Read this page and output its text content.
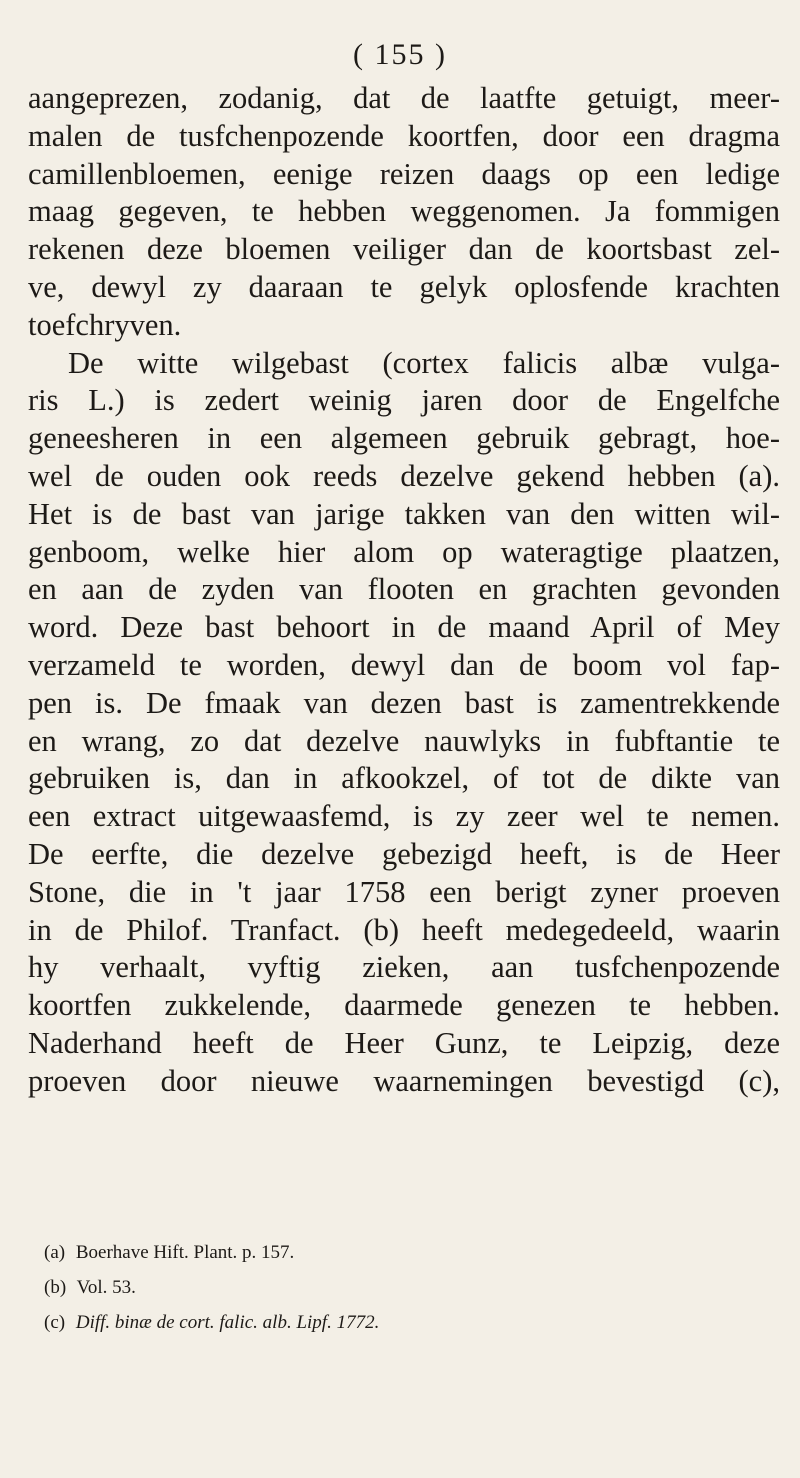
( 155 )
aangeprezen, zodanig, dat de laatfte getuigt, meer-
malen de tusfchenpozende koortfen, door een dragma
camillenbloemen, eenige reizen daags op een ledige
maag gegeven, te hebben weggenomen. Ja fommigen
rekenen deze bloemen veiliger dan de koortsbast zel-
ve, dewyl zy daaraan te gelyk oplosfende krachten
toefchryven.
De witte wilgebast (cortex falicis albæ vulga-
ris L.) is zedert weinig jaren door de Engelfche
geneesheren in een algemeen gebruik gebragt, hoe-
wel de ouden ook reeds dezelve gekend hebben (a).
Het is de bast van jarige takken van den witten wil-
genboom, welke hier alom op wateragtige plaatzen,
en aan de zyden van flooten en grachten gevonden
word. Deze bast behoort in de maand April of Mey
verzameld te worden, dewyl dan de boom vol fap-
pen is. De fmaak van dezen bast is zamentrekkende
en wrang, zo dat dezelve nauwlyks in fubftantie te
gebruiken is, dan in afkookzel, of tot de dikte van
een extract uitgewaasfemd, is zy zeer wel te nemen.
De eerfte, die dezelve gebezigd heeft, is de Heer
Stone, die in 't jaar 1758 een berigt zyner proeven
in de Philof. Tranfact. (b) heeft medegedeeld, waarin
hy verhaalt, vyftig zieken, aan tusfchenpozende
koortfen zukkelende, daarmede genezen te hebben.
Naderhand heeft de Heer Gunz, te Leipzig, deze
proeven door nieuwe waarnemingen bevestigd (c),
(a) Boerhave Hift. Plant. p. 157.
(b) Vol. 53.
(c) Diff. binæ de cort. falic. alb. Lipf. 1772.
